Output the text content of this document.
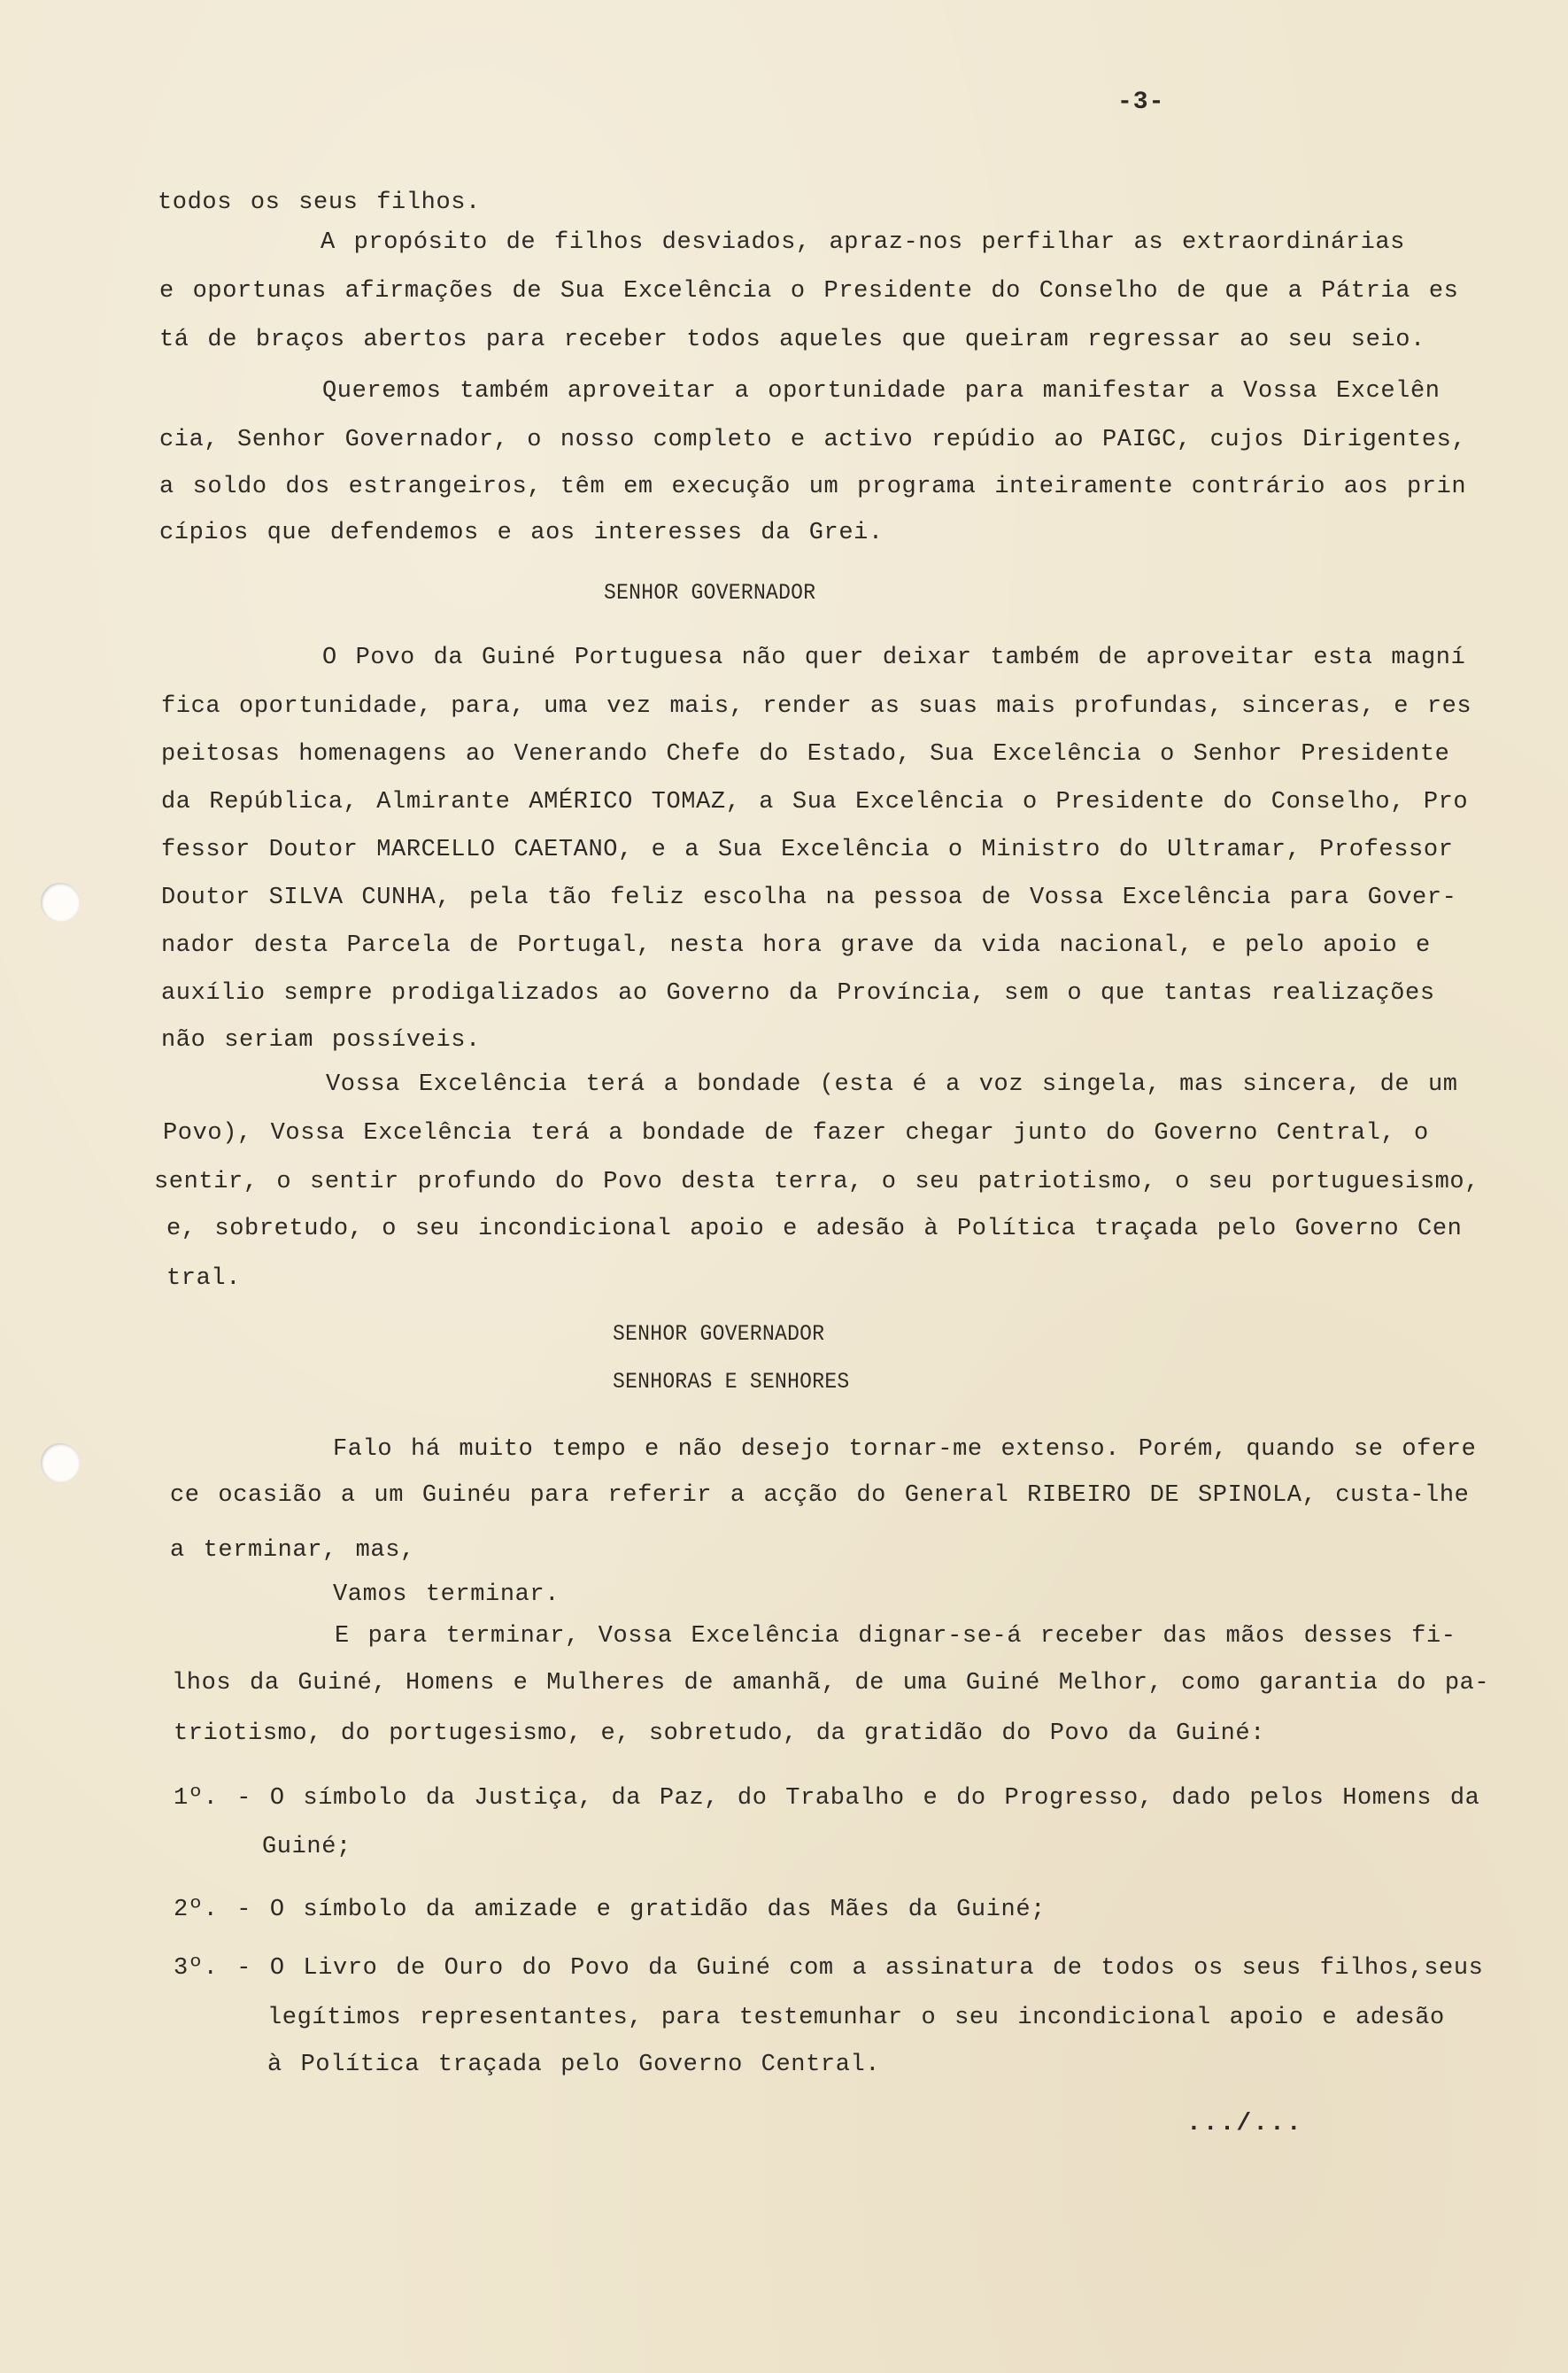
-3-
todos os seus filhos.
A propósito de filhos desviados, apraz-nos perfilhar as extraordinárias
e oportunas afirmações de Sua Excelência o Presidente do Conselho de que a Pátria es
tá de braços abertos para receber todos aqueles que queiram regressar ao seu seio.
Queremos também aproveitar a oportunidade para manifestar a Vossa Excelên
cia, Senhor Governador, o nosso completo e activo repúdio ao PAIGC, cujos Dirigentes,
a soldo dos estrangeiros, têm em execução um programa inteiramente contrário aos prin
cípios que defendemos e aos interesses da Grei.
SENHOR GOVERNADOR
O Povo da Guiné Portuguesa não quer deixar também de aproveitar esta magní
fica oportunidade, para, uma vez mais, render as suas mais profundas, sinceras, e res
peitosas homenagens ao Venerando Chefe do Estado, Sua Excelência o Senhor Presidente
da República, Almirante AMÉRICO TOMAZ, a Sua Excelência o Presidente do Conselho, Pro
fessor Doutor MARCELLO CAETANO, e a Sua Excelência o Ministro do Ultramar, Professor
Doutor SILVA CUNHA, pela tão feliz escolha na pessoa de Vossa Excelência para Gover-
nador desta Parcela de Portugal, nesta hora grave da vida nacional, e pelo apoio e
auxílio sempre prodigalizados ao Governo da Província, sem o que tantas realizações
não seriam possíveis.
Vossa Excelência terá a bondade (esta é a voz singela, mas sincera, de um
Povo), Vossa Excelência terá a bondade de fazer chegar junto do Governo Central, o
sentir, o sentir profundo do Povo desta terra, o seu patriotismo, o seu portuguesismo,
e, sobretudo, o seu incondicional apoio e adesão à Política traçada pelo Governo Cen
tral.
SENHOR GOVERNADOR
SENHORAS E SENHORES
Falo há muito tempo e não desejo tornar-me extenso. Porém, quando se ofere
ce ocasião a um Guinéu para referir a acção do General RIBEIRO DE SPINOLA, custa-lhe
a terminar, mas,
Vamos terminar.
E para terminar, Vossa Excelência dignar-se-á receber das mãos desses fi-
lhos da Guiné, Homens e Mulheres de amanhã, de uma Guiné Melhor, como garantia do pa-
triotismo, do portugesismo, e, sobretudo, da gratidão do Povo da Guiné:
1º. - O símbolo da Justiça, da Paz, do Trabalho e do Progresso, dado pelos Homens da
Guiné;
2º. - O símbolo da amizade e gratidão das Mães da Guiné;
3º. - O Livro de Ouro do Povo da Guiné com a assinatura de todos os seus filhos,seus
legítimos representantes, para testemunhar o seu incondicional apoio e adesão
à Política traçada pelo Governo Central.
.../...
